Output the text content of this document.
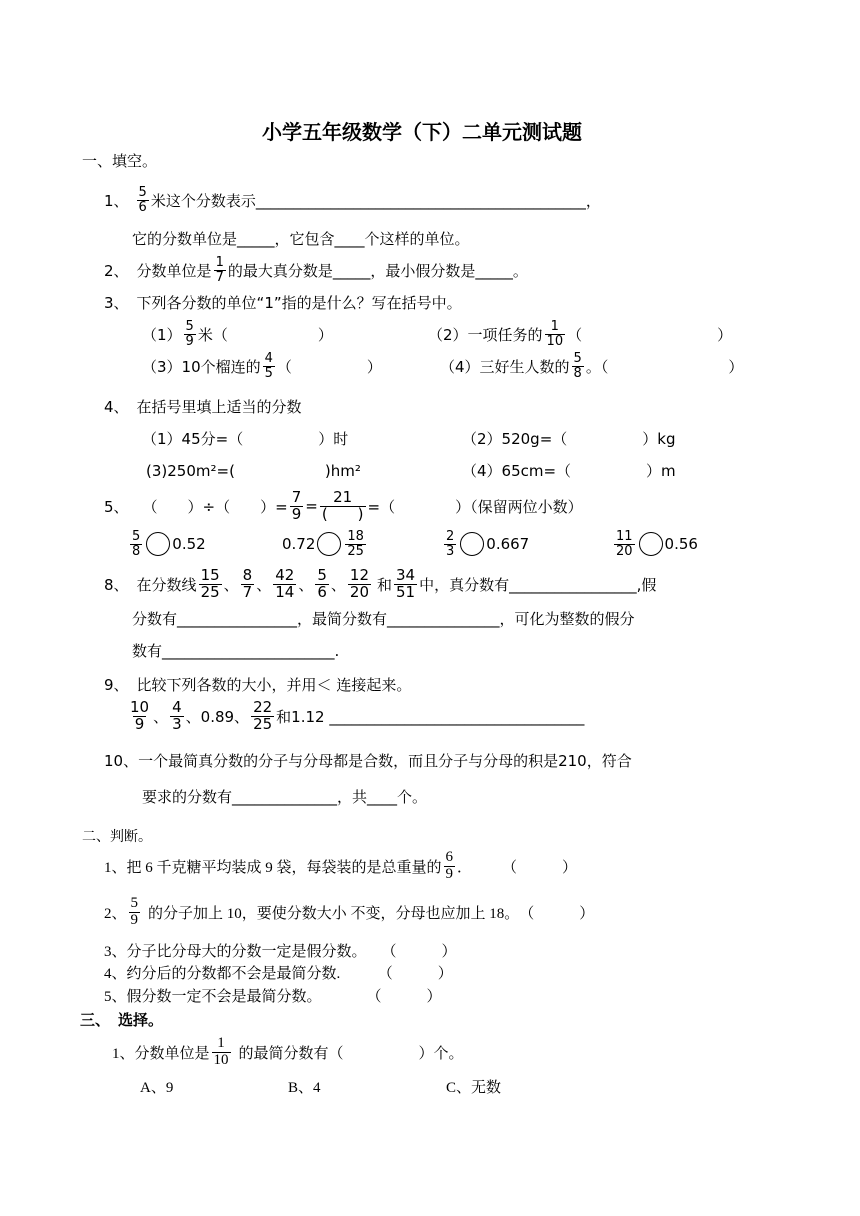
小学五年级数学（下）二单元测试题
一、填空。
1、 $\frac{5}{6}$ 米这个分数表示____________________________________________，
它的分数单位是_____，它包含____个这样的单位。
2、 分数单位是 $\frac{1}{7}$ 的最大真分数是_____，最小假分数是_____。
3、 下列各分数的单位“1”指的是什么？写在括号中。
$(1) \frac{5}{9}$ 米（　　　　　　）	（2）一项任务的 $\frac{1}{10}$ （　　　　　　　　　）
（3）10个榴连的 $\frac{4}{5}$ （　　　　　）	（4）三好生人数的 $\frac{5}{8}$ 。（　　　　　　　　）
4、 在括号里填上适当的分数
（1）45分=（　　　　　）时	（2）520g=（　　　　　）kg
(3)250m²=(　　　　　　)hm²	（4）65cm=（　　　　　）m
5、 （　　）÷（　　）= $\frac{7}{9} = \frac{21}{( )}$ =（　　　　）（保留两位小数）
$\frac{5}{8} 0.52$	$0.72 \frac{18}{25}$	$\frac{2}{3} 0.667$	$\frac{11}{20} 0.56$
8、 在分数线 $\frac{15}{25}$ 、 $\frac{8}{7}$ 、 $\frac{42}{14}$ 、 $\frac{5}{6}$ 、 $\frac{12}{20}$ 和 $\frac{34}{51}$ 中，真分数有_________________,假
分数有________________，最简分数有_______________，可化为整数的假分
数有_______________________.
9、 比较下列各数的大小，并用＜ 连接起来。
$\frac{10}{9}$ 、 $\frac{4}{3}$ 、0.89、 $\frac{22}{25}$ 和1.12 __________________________________
10、一个最简真分数的分子与分母都是合数，而且分子与分母的积是210，符合
要求的分数有______________，共____个。
二、判断。
1、把 6 千克糖平均装成 9 袋，每袋装的是总重量的 $\frac{6}{9}$ ．　　　（　　　）
2、 $\frac{5}{9}$ 的分子加上 10，要使分数大小 不变，分母也应加上 18。　（　　　）
3、分子比分母大的分数一定是假分数。　　（　　　）
4、约分后的分数都不会是最简分数.　　　（　　　）
5、假分数一定不会是最简分数。　　　　（　　　）
三、 选择。
1、分数单位是 $\frac{1}{10}$ 的最简分数有（　　　　　）个。
A、9	B、4	C、无数
